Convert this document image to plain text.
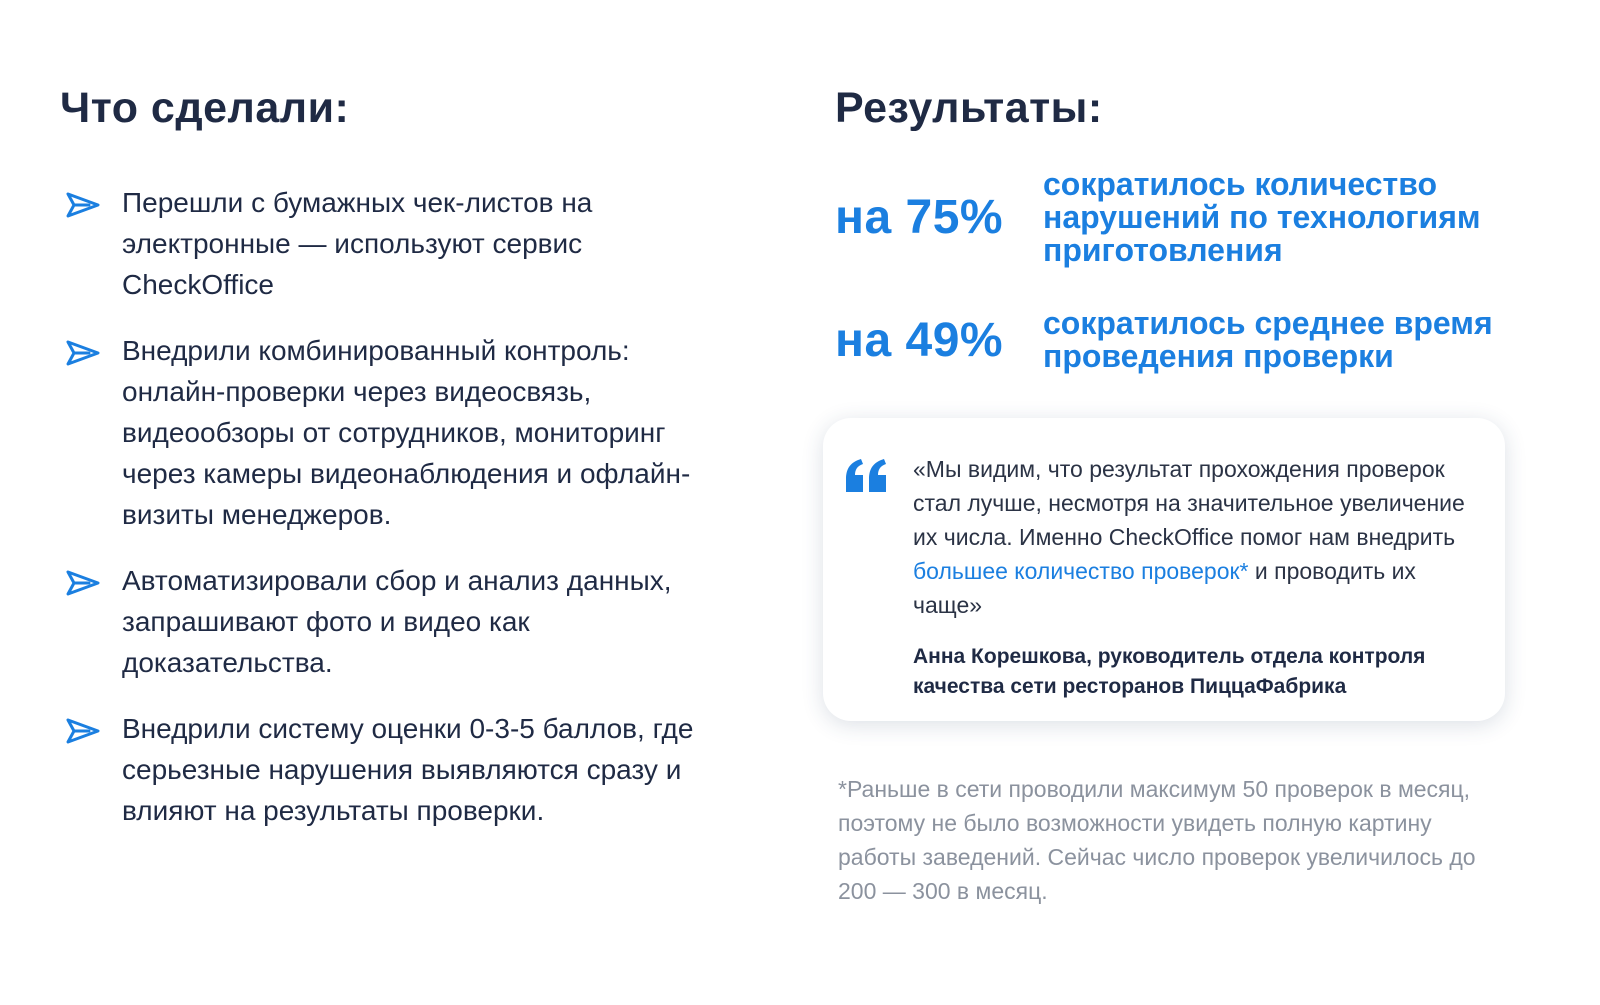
Что сделали:
Перешли с бумажных чек-листов на электронные — используют сервис CheckOffice
Внедрили комбинированный контроль: онлайн-проверки через видеосвязь, видеообзоры от сотрудников, мониторинг через камеры видеонаблюдения и офлайн-визиты менеджеров.
Автоматизировали сбор и анализ данных, запрашивают фото и видео как доказательства.
Внедрили систему оценки 0-3-5 баллов, где серьезные нарушения выявляются сразу и влияют на результаты проверки.
Результаты:
на 75%
сократилось количество нарушений по технологиям приготовления
на 49%	сократилось среднее время проведения проверки
«Мы видим, что результат прохождения проверок стал лучше, несмотря на значительное увеличение их числа. Именно CheckOffice помог нам внедрить большее количество проверок* и проводить их чаще»
Анна Корешкова, руководитель отдела контроля качества сети ресторанов ПиццаФабрика
*Раньше в сети проводили максимум 50 проверок в месяц, поэтому не было возможности увидеть полную картину работы заведений. Сейчас число проверок увеличилось до 200 — 300 в месяц.
